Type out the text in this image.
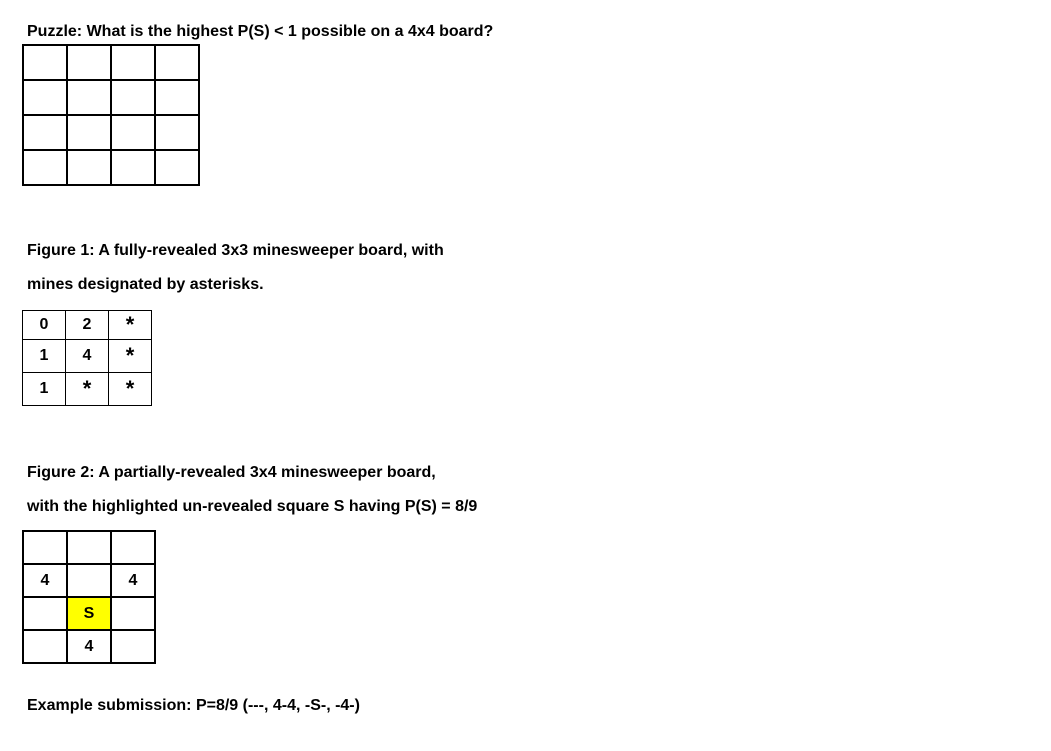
Puzzle: What is the highest P(S) < 1 possible on a 4x4 board?

Figure 1: A fully-revealed 3x3 minesweeper board, with
mines designated by asterisks.
0	2	*
1	4	*
1	*	*
Figure 2: A partially-revealed 3x4 minesweeper board,
with the highlighted un-revealed square S having P(S) = 8/9

4		4
	S	
	4	
Example submission: P=8/9 (---, 4-4, -S-, -4-)
